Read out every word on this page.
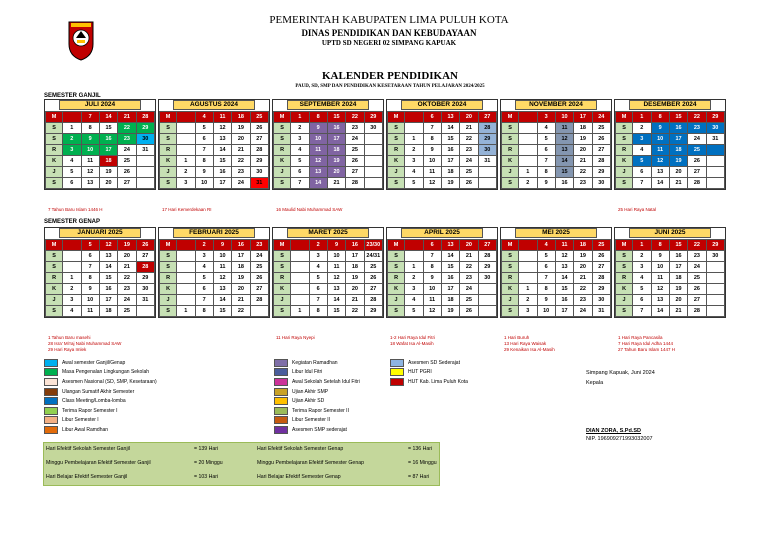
PEMERINTAH KABUPATEN LIMA PULUH KOTA
DINAS PENDIDIKAN DAN KEBUDAYAAN
UPTD SD NEGERI 02 SIMPANG KAPUAK
KALENDER PENDIDIKAN
PAUD, SD, SMP DAN PENDIDIKAN KESETARAAN TAHUN PELAJARAN 2024/2025
SEMESTER GANJIL
SEMESTER GENAP
JULI 2024
M		7	14	21	28
S	1	8	15	22	29
S	2	9	16	23	30
R	3	10	17	24	31
K	4	11	18	25	
J	5	12	19	26	
S	6	13	20	27	
AGUSTUS 2024
M		4	11	18	25
S		5	12	19	26
S		6	13	20	27
R		7	14	21	28
K	1	8	15	22	29
J	2	9	16	23	30
S	3	10	17	24	31
SEPTEMBER 2024
M	1	8	15	22	29
S	2	9	16	23	30
S	3	10	17	24	
R	4	11	18	25	
K	5	12	19	26	
J	6	13	20	27	
S	7	14	21	28	
OKTOBER 2024
M		6	13	20	27
S		7	14	21	28
S	1	8	15	22	29
R	2	9	16	23	30
K	3	10	17	24	31
J	4	11	18	25	
S	5	12	19	26	
NOVEMBER 2024
M		3	10	17	24
S		4	11	18	25
S		5	12	19	26
R		6	13	20	27
K		7	14	21	28
J	1	8	15	22	29
S	2	9	16	23	30
DESEMBER 2024
M	1	8	15	22	29
S	2	9	16	23	30
S	3	10	17	24	31
R	4	11	18	25	
K	5	12	19	26	
J	6	13	20	27	
S	7	14	21	28	
JANUARI 2025
M		5	12	19	26
S		6	13	20	27
S		7	14	21	28
R	1	8	15	22	29
K	2	9	16	23	30
J	3	10	17	24	31
S	4	11	18	25	
FEBRUARI 2025
M		2	9	16	23
S		3	10	17	24
S		4	11	18	25
R		5	12	19	26
K		6	13	20	27
J		7	14	21	28
S	1	8	15	22	
MARET 2025
M		2	9	16	23/30
S		3	10	17	24/31
S		4	11	18	25
R		5	12	19	26
K		6	13	20	27
J		7	14	21	28
S	1	8	15	22	29
APRIL 2025
M		6	13	20	27
S		7	14	21	28
S	1	8	15	22	29
R	2	9	16	23	30
K	3	10	17	24	
J	4	11	18	25	
S	5	12	19	26	
MEI 2025
M		4	11	18	25
S		5	12	19	26
S		6	13	20	27
R		7	14	21	28
K	1	8	15	22	29
J	2	9	16	23	30
S	3	10	17	24	31
JUNI 2025
M	1	8	15	22	29
S	2	9	16	23	30
S	3	10	17	24	
R	4	11	18	25	
K	5	12	19	26	
J	6	13	20	27	
S	7	14	21	28	
7 Tahun Baru Islam 1446 H	17 Hari Kemerdekaan RI	16 Maulid Nabi Muhammad SAW	25 Hari Raya Natal
1 Tahun Baru masehi
28 Isra' Mi'raj Nabi Muhammad SAW
29 Hari Raya Imlek
11 Hari Raya Nyepi	1-2 Hari Raya Idul Fitri
18 Wafat Isa Al-Masih
1 Hari Buruh
13 Hari Raya Waisak
29 Kenaikan Isa Al-Masih
1 Hari Raya Pancasila
7 Hari Raya Idul Adha 1444
27 Tahun Baru Islam 1447 H
Awal semester Ganjil/Genap
Masa Pengenalan Lingkungan Sekolah
Asesmen Nasional (SD, SMP, Kesetaraan)
Ulangan Sumatif Akhir Semester
Class Meeting/Lomba-lomba
Terima Rapor Semester I
Libur Semester I
Libur Awal Ramdhan
Kegiatan Ramadhan
Libur Idul Fitri
Awal Sekolah Setelah Idul Fitri
Ujian Akhir SMP
Ujian Akhir SD
Terima Rapor Semester II
Libur Semester II
Asesmen SMP sederajat
Asesmen SD Sederajat
HUT PGRI
HUT Kab. Lima Puluh Kota
Hari Efektif Sekolah Semester Ganjil	= 139 Hari	Hari Efektif Sekolah Semester Genap	= 136 Hari
Minggu Pembelajaran Efektif Semester Ganjil	= 20 Minggu	Minggu Pembelajaran Efektif Semester Genap	= 16 Minggu
Hari Belajar Efektif Semester Ganjil	= 103 Hari	Hari Belajar Efektif Semester Genap	= 87 Hari
Simpang Kapuak, Juni 2024
Kepala
DIAN ZORA, S.Pd.SD
NIP. 196909271993032007
